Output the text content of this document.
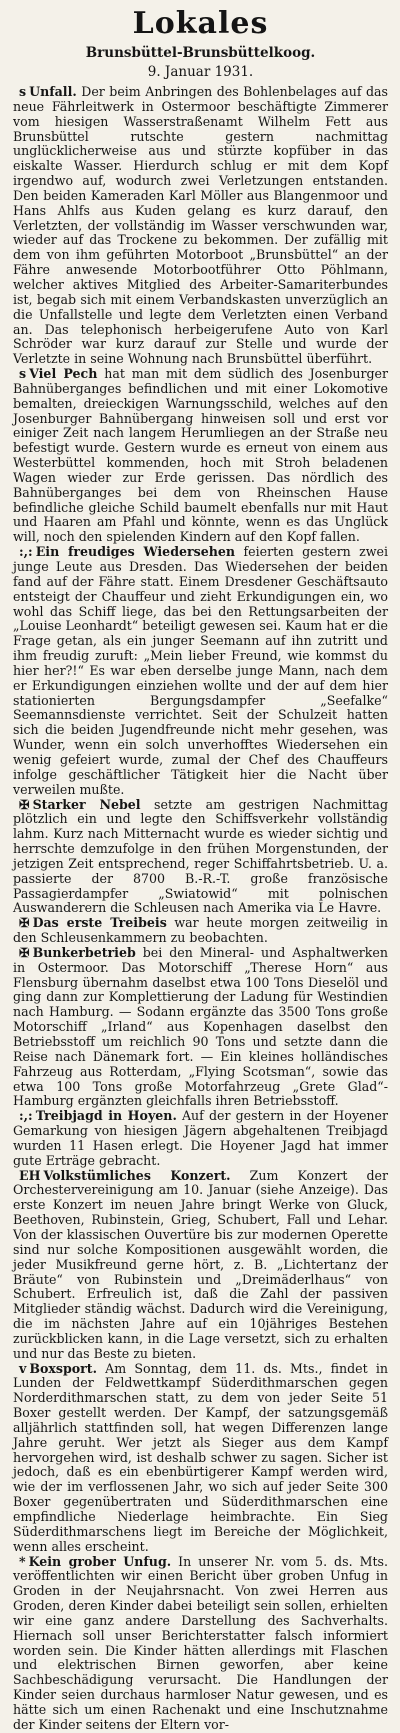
Lokales
Brunsbüttel-Brunsbüttelkoog.
9. Januar 1931.

s Unfall. Der beim Anbringen des Bohlenbelages auf das neue Fährleitwerk in Ostermoor beschäftigte Zimmerer vom hiesigen Wasserstraßenamt Wilhelm Fett aus Brunsbüttel rutschte gestern nachmittag unglücklicherweise aus und stürzte kopfüber in das eiskalte Wasser. Hierdurch schlug er mit dem Kopf irgendwo auf, wodurch zwei Verletzungen entstanden. Den beiden Kameraden Karl Möller aus Blangenmoor und Hans Ahlfs aus Kuden gelang es kurz darauf, den Verletzten, der vollständig im Wasser verschwunden war, wieder auf das Trockene zu bekommen. Der zufällig mit dem von ihm geführten Motorboot „Brunsbüttel“ an der Fähre anwesende Motorbootführer Otto Pöhlmann, welcher aktives Mitglied des Arbeiter-Samariterbundes ist, begab sich mit einem Verbandskasten unverzüglich an die Unfallstelle und legte dem Verletzten einen Verband an. Das telephonisch herbeigerufene Auto von Karl Schröder war kurz darauf zur Stelle und wurde der Verletzte in seine Wohnung nach Brunsbüttel überführt.

s Viel Pech hat man mit dem südlich des Josenburger Bahnüberganges befindlichen und mit einer Lokomotive bemalten, dreieckigen Warnungsschild, welches auf den Josenburger Bahnübergang hinweisen soll und erst vor einiger Zeit nach langem Herumliegen an der Straße neu befestigt wurde. Gestern wurde es erneut von einem aus Westerbüttel kommenden, hoch mit Stroh beladenen Wagen wieder zur Erde gerissen. Das nördlich des Bahnüberganges bei dem von Rheinschen Hause befindliche gleiche Schild baumelt ebenfalls nur mit Haut und Haaren am Pfahl und könnte, wenn es das Unglück will, noch den spielenden Kindern auf den Kopf fallen.

:,: Ein freudiges Wiedersehen feierten gestern zwei junge Leute aus Dresden. Das Wiedersehen der beiden fand auf der Fähre statt. Einem Dresdener Geschäftsauto entsteigt der Chauffeur und zieht Erkundigungen ein, wo wohl das Schiff liege, das bei den Rettungsarbeiten der „Louise Leonhardt“ beteiligt gewesen sei. Kaum hat er die Frage getan, als ein junger Seemann auf ihn zutritt und ihm freudig zuruft: „Mein lieber Freund, wie kommst du hier her?!“ Es war eben derselbe junge Mann, nach dem er Erkundigungen einziehen wollte und der auf dem hier stationierten Bergungsdampfer „Seefalke“ Seemannsdienste verrichtet. Seit der Schulzeit hatten sich die beiden Jugendfreunde nicht mehr gesehen, was Wunder, wenn ein solch unverhofftes Wiedersehen ein wenig gefeiert wurde, zumal der Chef des Chauffeurs infolge geschäftlicher Tätigkeit hier die Nacht über verweilen mußte.

✠ Starker Nebel setzte am gestrigen Nachmittag plötzlich ein und legte den Schiffsverkehr vollständig lahm. Kurz nach Mitternacht wurde es wieder sichtig und herrschte demzufolge in den frühen Morgenstunden, der jetzigen Zeit entsprechend, reger Schiffahrtsbetrieb. U. a. passierte der 8700 B.-R.-T. große französische Passagierdampfer „Swiatowid“ mit polnischen Auswanderern die Schleusen nach Amerika via Le Havre.

✠ Das erste Treibeis war heute morgen zeitweilig in den Schleusenkammern zu beobachten.

✠ Bunkerbetrieb bei den Mineral- und Asphaltwerken in Ostermoor. Das Motorschiff „Therese Horn“ aus Flensburg übernahm daselbst etwa 100 Tons Dieselöl und ging dann zur Komplettierung der Ladung für Westindien nach Hamburg. — Sodann ergänzte das 3500 Tons große Motorschiff „Irland“ aus Kopenhagen daselbst den Betriebsstoff um reichlich 90 Tons und setzte dann die Reise nach Dänemark fort. — Ein kleines holländisches Fahrzeug aus Rotterdam, „Flying Scotsman“, sowie das etwa 100 Tons große Motorfahrzeug „Grete Glad“-Hamburg ergänzten gleichfalls ihren Betriebsstoff.

:,: Treibjagd in Hoyen. Auf der gestern in der Hoyener Gemarkung von hiesigen Jägern abgehaltenen Treibjagd wurden 11 Hasen erlegt. Die Hoyener Jagd hat immer gute Erträge gebracht.

EH Volkstümliches Konzert. Zum Konzert der Orchestervereinigung am 10. Januar (siehe Anzeige). Das erste Konzert im neuen Jahre bringt Werke von Gluck, Beethoven, Rubinstein, Grieg, Schubert, Fall und Lehar. Von der klassischen Ouvertüre bis zur modernen Operette sind nur solche Kompositionen ausgewählt worden, die jeder Musikfreund gerne hört, z. B. „Lichtertanz der Bräute“ von Rubinstein und „Dreimäderlhaus“ von Schubert. Erfreulich ist, daß die Zahl der passiven Mitglieder ständig wächst. Dadurch wird die Vereinigung, die im nächsten Jahre auf ein 10jähriges Bestehen zurückblicken kann, in die Lage versetzt, sich zu erhalten und nur das Beste zu bieten.

v Boxsport. Am Sonntag, dem 11. ds. Mts., findet in Lunden der Feldwettkampf Süderdithmarschen gegen Norderdithmarschen statt, zu dem von jeder Seite 51 Boxer gestellt werden. Der Kampf, der satzungsgemäß alljährlich stattfinden soll, hat wegen Differenzen lange Jahre geruht. Wer jetzt als Sieger aus dem Kampf hervorgehen wird, ist deshalb schwer zu sagen. Sicher ist jedoch, daß es ein ebenbürtigerer Kampf werden wird, wie der im verflossenen Jahr, wo sich auf jeder Seite 300 Boxer gegenübertraten und Süderdithmarschen eine empfindliche Niederlage heimbrachte. Ein Sieg Süderdithmarschens liegt im Bereiche der Möglichkeit, wenn alles erscheint.

* Kein grober Unfug. In unserer Nr. vom 5. ds. Mts. veröffentlichten wir einen Bericht über groben Unfug in Groden in der Neujahrsnacht. Von zwei Herren aus Groden, deren Kinder dabei beteiligt sein sollen, erhielten wir eine ganz andere Darstellung des Sachverhalts. Hiernach soll unser Berichterstatter falsch informiert worden sein. Die Kinder hätten allerdings mit Flaschen und elektrischen Birnen geworfen, aber keine Sachbeschädigung verursacht. Die Handlungen der Kinder seien durchaus harmloser Natur gewesen, und es hätte sich um einen Rachenakt und eine Inschutznahme der Kinder seitens der Eltern vor-
